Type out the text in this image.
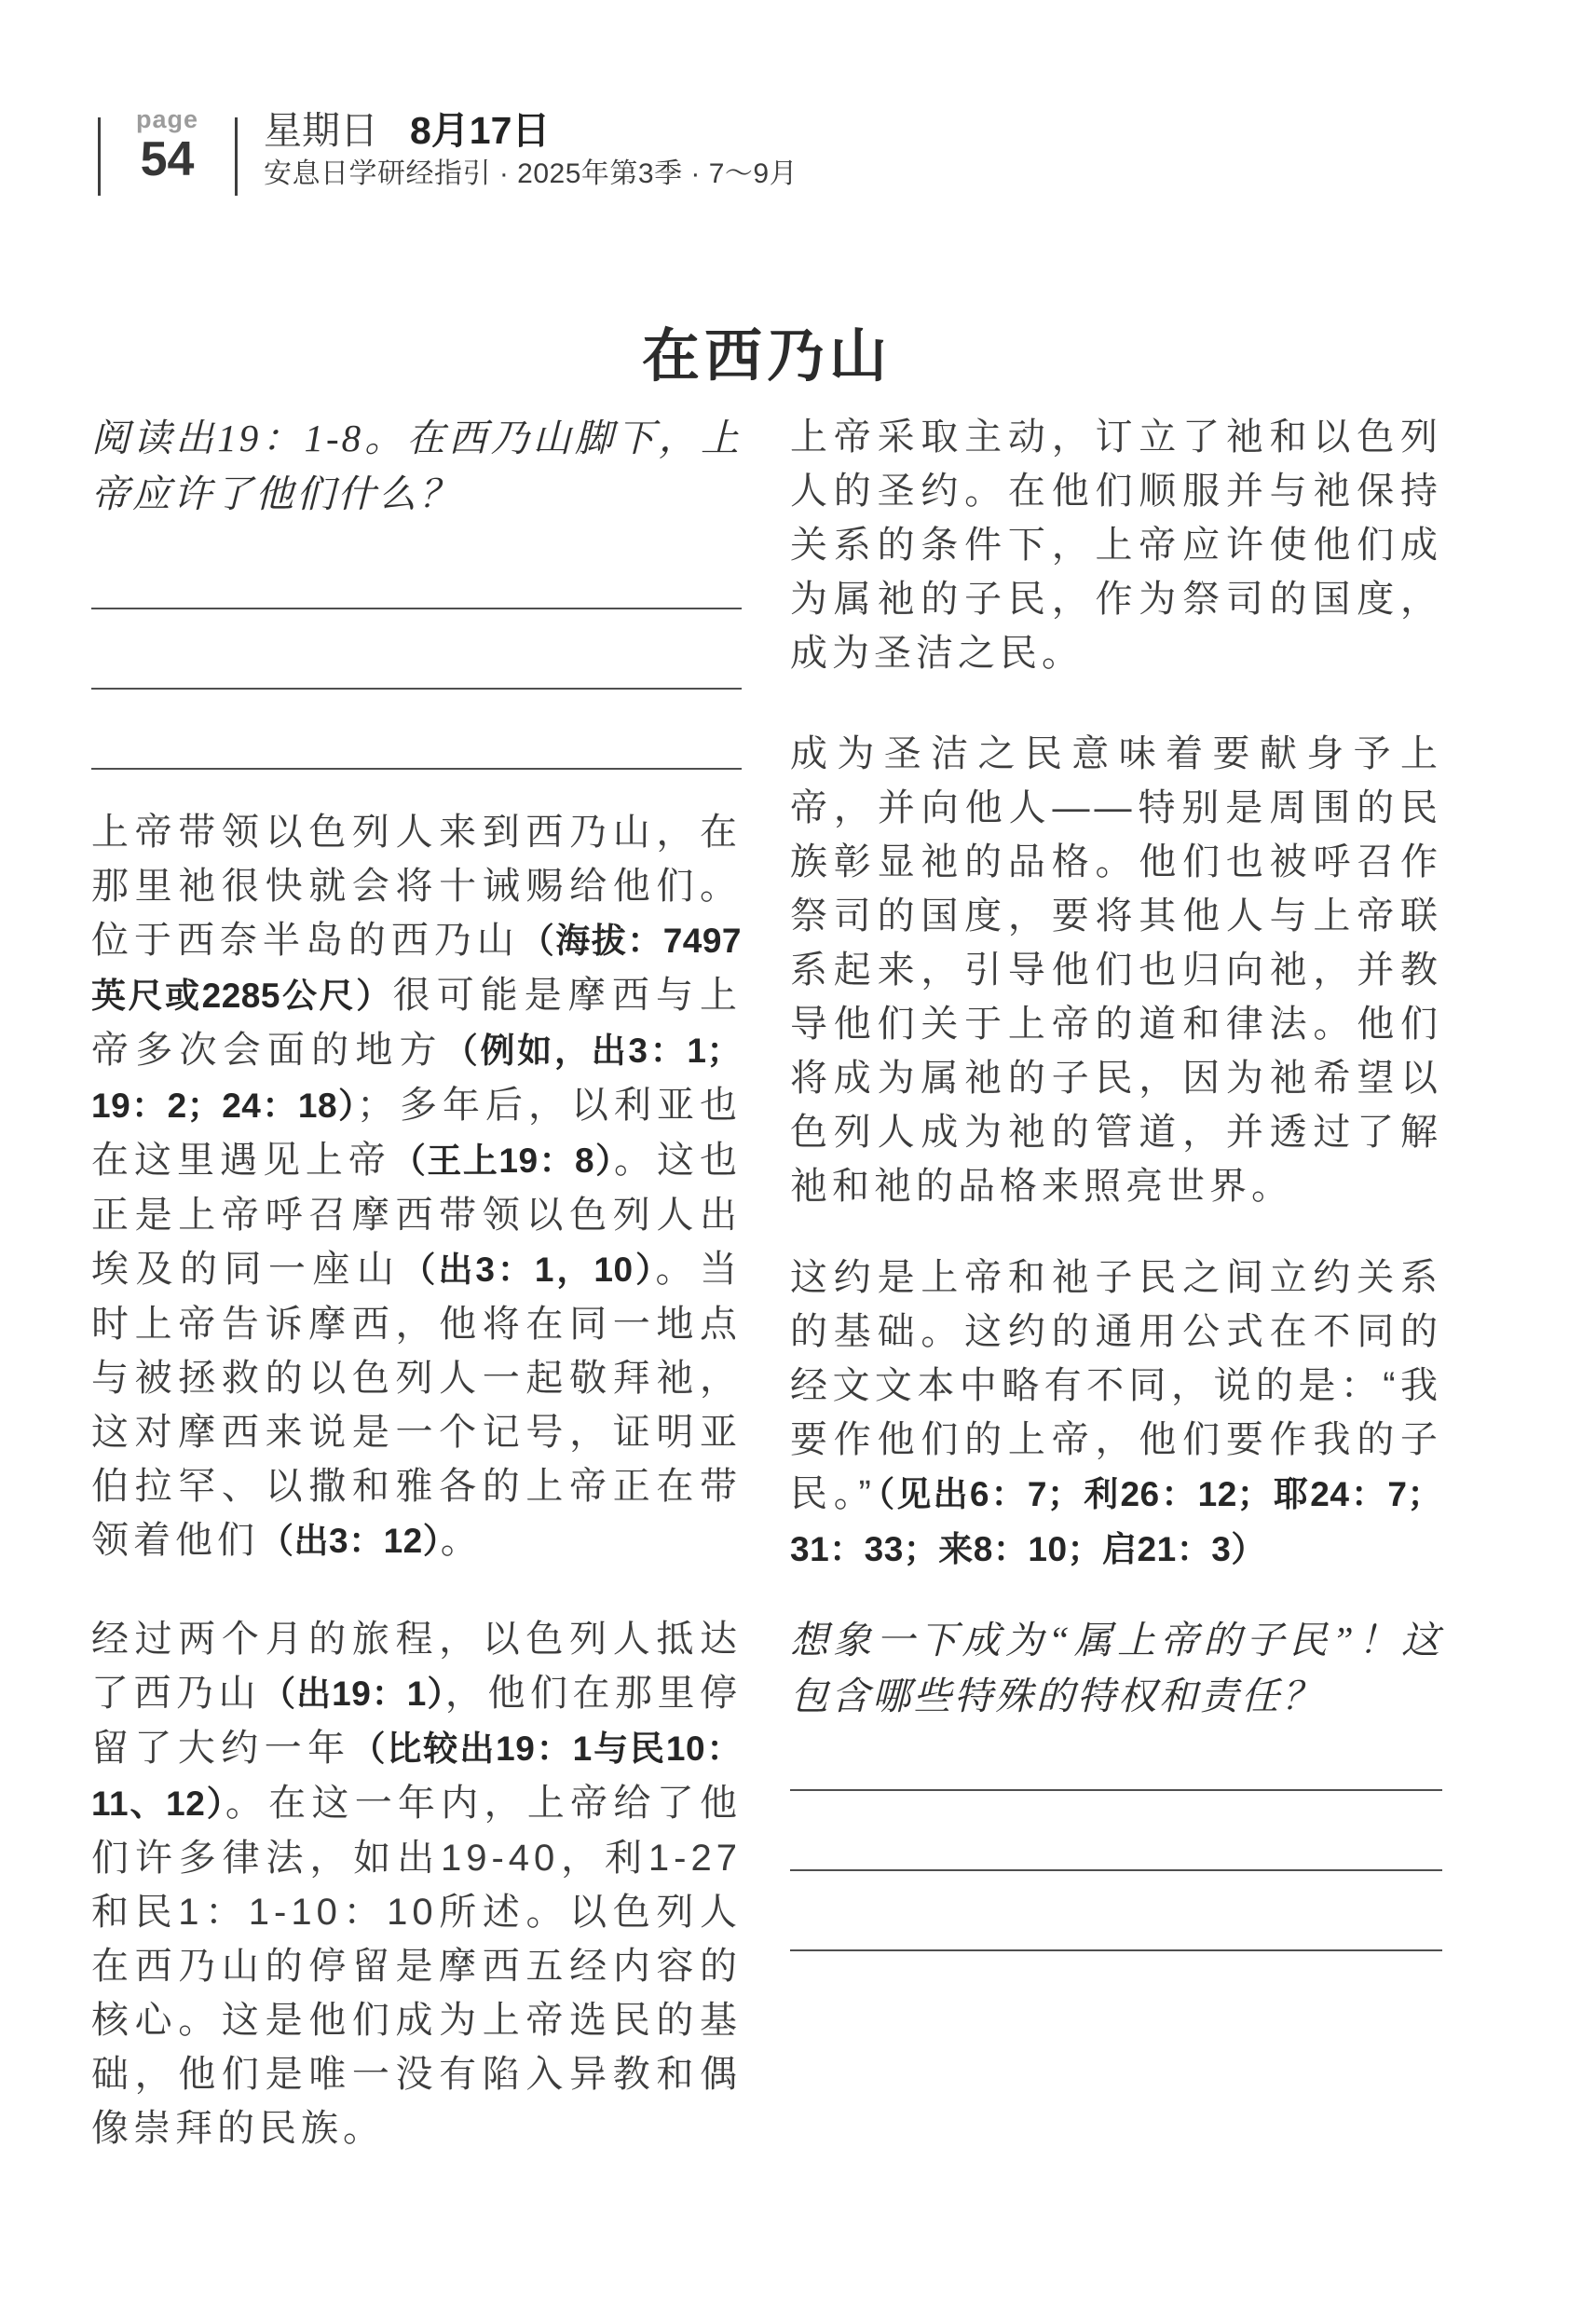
page
54
星期日 8月17日
安息日学研经指引 · 2025年第3季 · 7～9月
在西乃山

阅读出19：1-8。在西乃山脚下，上帝应许了他们什么？

上帝带领以色列人来到西乃山，在那里祂很快就会将十诫赐给他们。位于西奈半岛的西乃山（海拔：7497英尺或2285公尺）很可能是摩西与上帝多次会面的地方（例如，出3：1；19：2；24：18）；多年后，以利亚也在这里遇见上帝（王上19：8）。这也正是上帝呼召摩西带领以色列人出埃及的同一座山（出3：1，10）。当时上帝告诉摩西，他将在同一地点与被拯救的以色列人一起敬拜祂，这对摩西来说是一个记号，证明亚伯拉罕、以撒和雅各的上帝正在带领着他们（出3：12）。

经过两个月的旅程，以色列人抵达了西乃山（出19：1），他们在那里停留了大约一年（比较出19：1与民10：11、12）。在这一年内，上帝给了他们许多律法，如出19-40，利1-27和民1：1-10：10所述。以色列人在西乃山的停留是摩西五经内容的核心。这是他们成为上帝选民的基础，他们是唯一没有陷入异教和偶像崇拜的民族。

上帝采取主动，订立了祂和以色列人的圣约。在他们顺服并与祂保持关系的条件下，上帝应许使他们成为属祂的子民，作为祭司的国度，成为圣洁之民。

成为圣洁之民意味着要献身予上帝，并向他人——特别是周围的民族彰显祂的品格。他们也被呼召作祭司的国度，要将其他人与上帝联系起来，引导他们也归向祂，并教导他们关于上帝的道和律法。他们将成为属祂的子民，因为祂希望以色列人成为祂的管道，并透过了解祂和祂的品格来照亮世界。

这约是上帝和祂子民之间立约关系的基础。这约的通用公式在不同的经文文本中略有不同，说的是：“我要作他们的上帝，他们要作我的子民。”（见出6：7；利26：12；耶24：7；31：33；来8：10；启21：3）

想象一下成为“属上帝的子民”！这包含哪些特殊的特权和责任？
